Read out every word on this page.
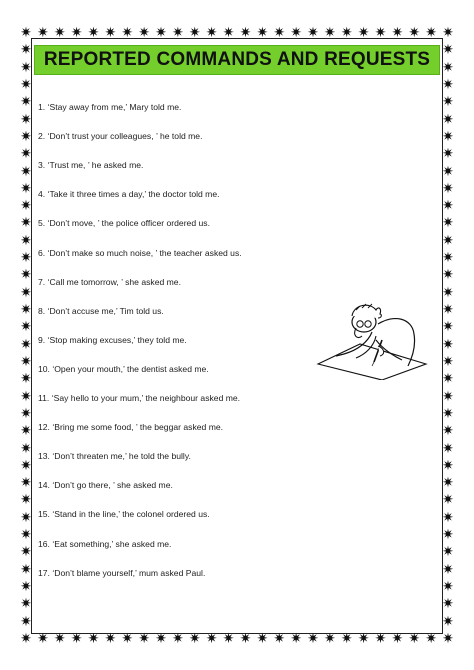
✷
✷
✷
✷
✷
✷
✷
✷
✷
✷
✷
✷
✷
✷
✷
✷
✷
✷
✷
✷
✷
✷
✷
✷
✷
✷
✷
✷
✷
✷
✷
✷
✷
✷
✷
✷
✷
✷
✷
✷
✷
✷
✷
✷
✷
✷
✷
✷
✷
✷
✷
✷
✷	✷
✷	✷
✷	✷
✷	✷
✷	✷
✷	✷
✷	✷
✷	✷
✷	✷
✷	✷
✷	✷
✷	✷
✷	✷
✷	✷
✷	✷
✷	✷
✷	✷
✷	✷
✷	✷
✷	✷
✷	✷
✷	✷
✷	✷
✷	✷
✷	✷
✷	✷
✷	✷
✷	✷
✷	✷
✷	✷
✷	✷
✷	✷
✷	✷
✷	✷
REPORTED COMMANDS AND REQUESTS
1. ‘Stay away from me,’ Mary told me.
2. ‘Don’t trust your colleagues, ’ he told me.
3. ‘Trust me, ’ he asked me.
4. ‘Take it three times a day,’ the doctor told me.
5. ‘Don’t move, ’ the police officer ordered us.
6. ‘Don’t make so much noise, ’ the teacher asked us.
7. ‘Call me tomorrow, ’ she asked me.
8. ‘Don’t accuse me,’ Tim told us.
9. ‘Stop making excuses,’ they told me.
10. ‘Open your mouth,’ the dentist asked me.
11. ‘Say hello to your mum,’ the neighbour asked me.
12. ‘Bring me some food, ’ the beggar asked me.
13. ‘Don’t threaten me,’ he told the bully.
14. ‘Don’t go there, ’ she asked me.
15. ‘Stand in the line,’ the colonel ordered us.
16. ‘Eat something,’ she asked me.
17. ‘Don’t blame yourself,’ mum asked Paul.
